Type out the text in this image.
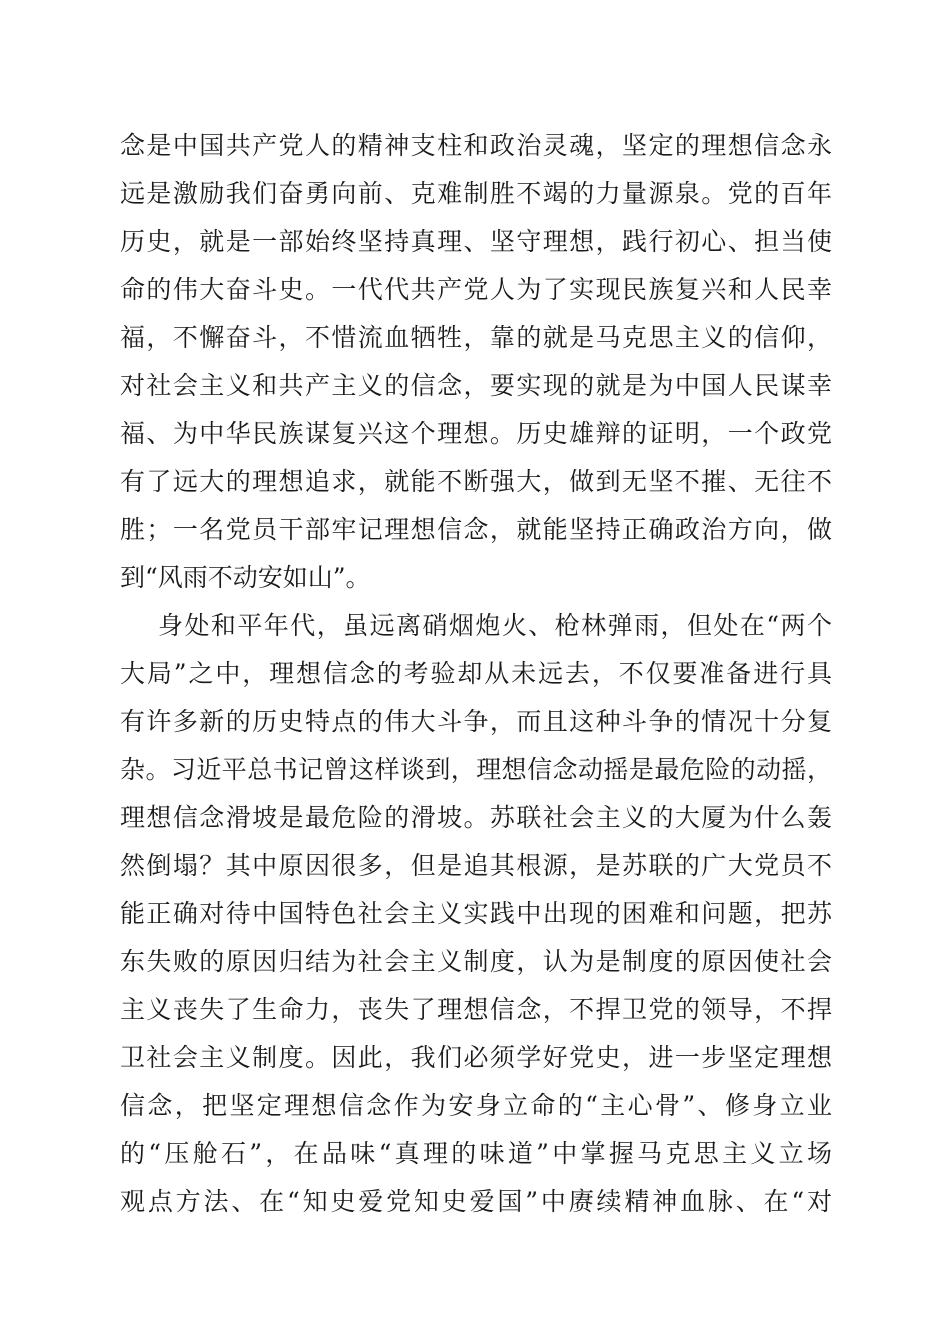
念是中国共产党人的精神支柱和政治灵魂，坚定的理想信念永
远是激励我们奋勇向前、克难制胜不竭的力量源泉。党的百年
历史，就是一部始终坚持真理、坚守理想，践行初心、担当使
命的伟大奋斗史。一代代共产党人为了实现民族复兴和人民幸
福，不懈奋斗，不惜流血牺牲，靠的就是马克思主义的信仰，
对社会主义和共产主义的信念，要实现的就是为中国人民谋幸
福、为中华民族谋复兴这个理想。历史雄辩的证明，一个政党
有了远大的理想追求，就能不断强大，做到无坚不摧、无往不
胜；一名党员干部牢记理想信念，就能坚持正确政治方向，做
到“风雨不动安如山”。
身处和平年代，虽远离硝烟炮火、枪林弹雨，但处在“两个
大局”之中，理想信念的考验却从未远去，不仅要准备进行具
有许多新的历史特点的伟大斗争，而且这种斗争的情况十分复
杂。习近平总书记曾这样谈到，理想信念动摇是最危险的动摇，
理想信念滑坡是最危险的滑坡。苏联社会主义的大厦为什么轰
然倒塌？其中原因很多，但是追其根源，是苏联的广大党员不
能正确对待中国特色社会主义实践中出现的困难和问题，把苏
东失败的原因归结为社会主义制度，认为是制度的原因使社会
主义丧失了生命力，丧失了理想信念，不捍卫党的领导，不捍
卫社会主义制度。因此，我们必须学好党史，进一步坚定理想
信念，把坚定理想信念作为安身立命的“主心骨”、修身立业
的“压舱石”，在品味“真理的味道”中掌握马克思主义立场
观点方法、在“知史爱党知史爱国”中赓续精神血脉、在“对
